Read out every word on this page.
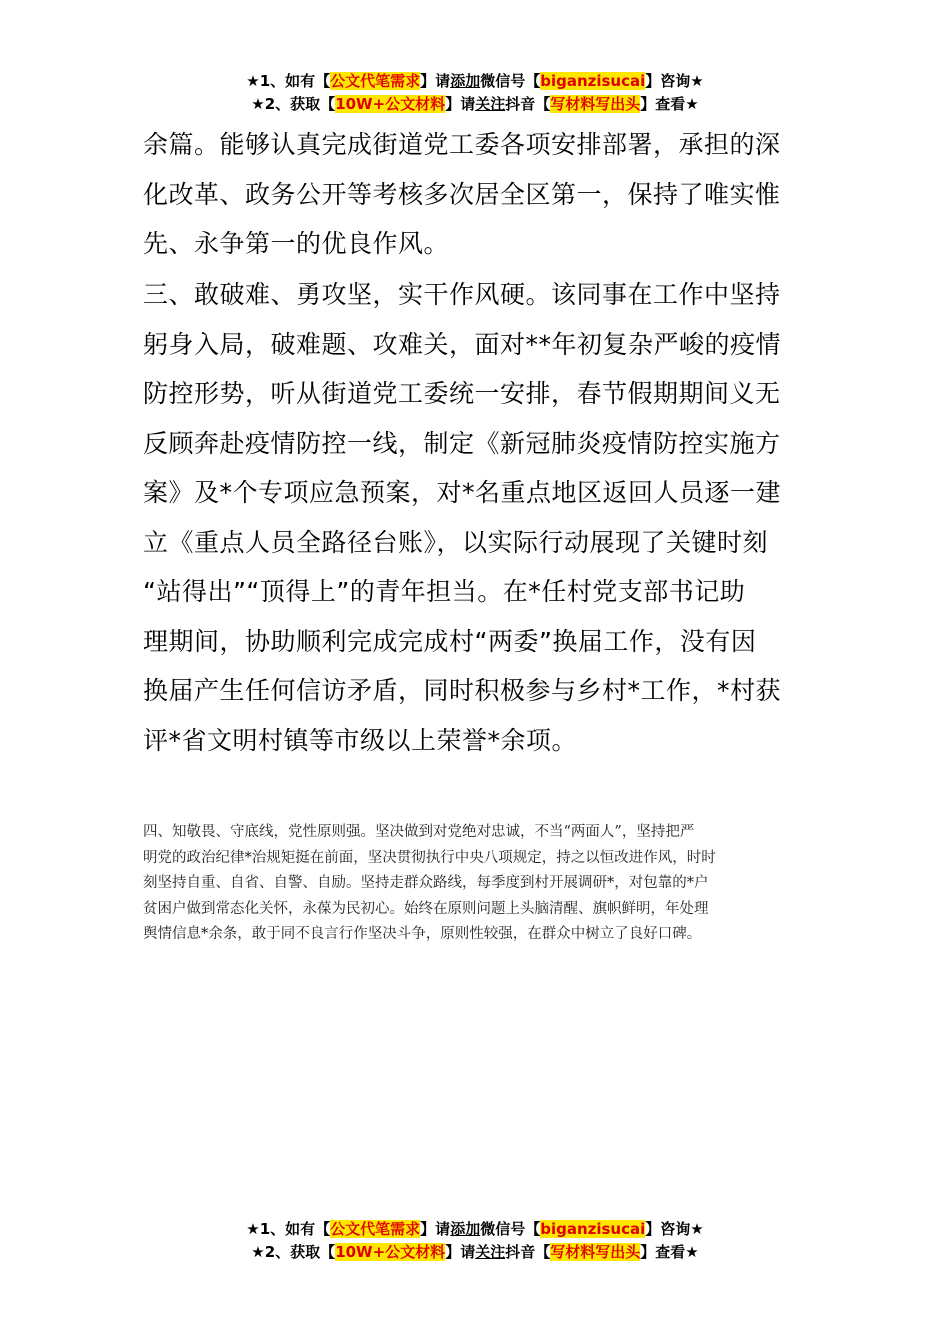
★1、如有【公文代笔需求】请添加微信号【biganzisucai】咨询★
★2、获取【10W+公文材料】请关注抖音【写材料写出头】查看★
余篇。能够认真完成街道党工委各项安排部署，承担的深
化改革、政务公开等考核多次居全区第一，保持了唯实惟
先、永争第一的优良作风。
三、敢破难、勇攻坚，实干作风硬。该同事在工作中坚持
躬身入局，破难题、攻难关，面对**年初复杂严峻的疫情
防控形势，听从街道党工委统一安排，春节假期期间义无
反顾奔赴疫情防控一线，制定《新冠肺炎疫情防控实施方
案》及*个专项应急预案，对*名重点地区返回人员逐一建
立《重点人员全路径台账》，以实际行动展现了关键时刻
“站得出”“顶得上”的青年担当。在*任村党支部书记助
理期间，协助顺利完成完成村“两委”换届工作，没有因
换届产生任何信访矛盾，同时积极参与乡村*工作，*村获
评*省文明村镇等市级以上荣誉*余项。
四、知敬畏、守底线，党性原则强。坚决做到对党绝对忠诚，不当“两面人”，坚持把严
明党的政治纪律*治规矩挺在前面，坚决贯彻执行中央八项规定，持之以恒改进作风，时时
刻坚持自重、自省、自警、自励。坚持走群众路线，每季度到村开展调研*，对包靠的*户
贫困户做到常态化关怀，永葆为民初心。始终在原则问题上头脑清醒、旗帜鲜明，年处理
舆情信息*余条，敢于同不良言行作坚决斗争，原则性较强，在群众中树立了良好口碑。
★1、如有【公文代笔需求】请添加微信号【biganzisucai】咨询★
★2、获取【10W+公文材料】请关注抖音【写材料写出头】查看★
